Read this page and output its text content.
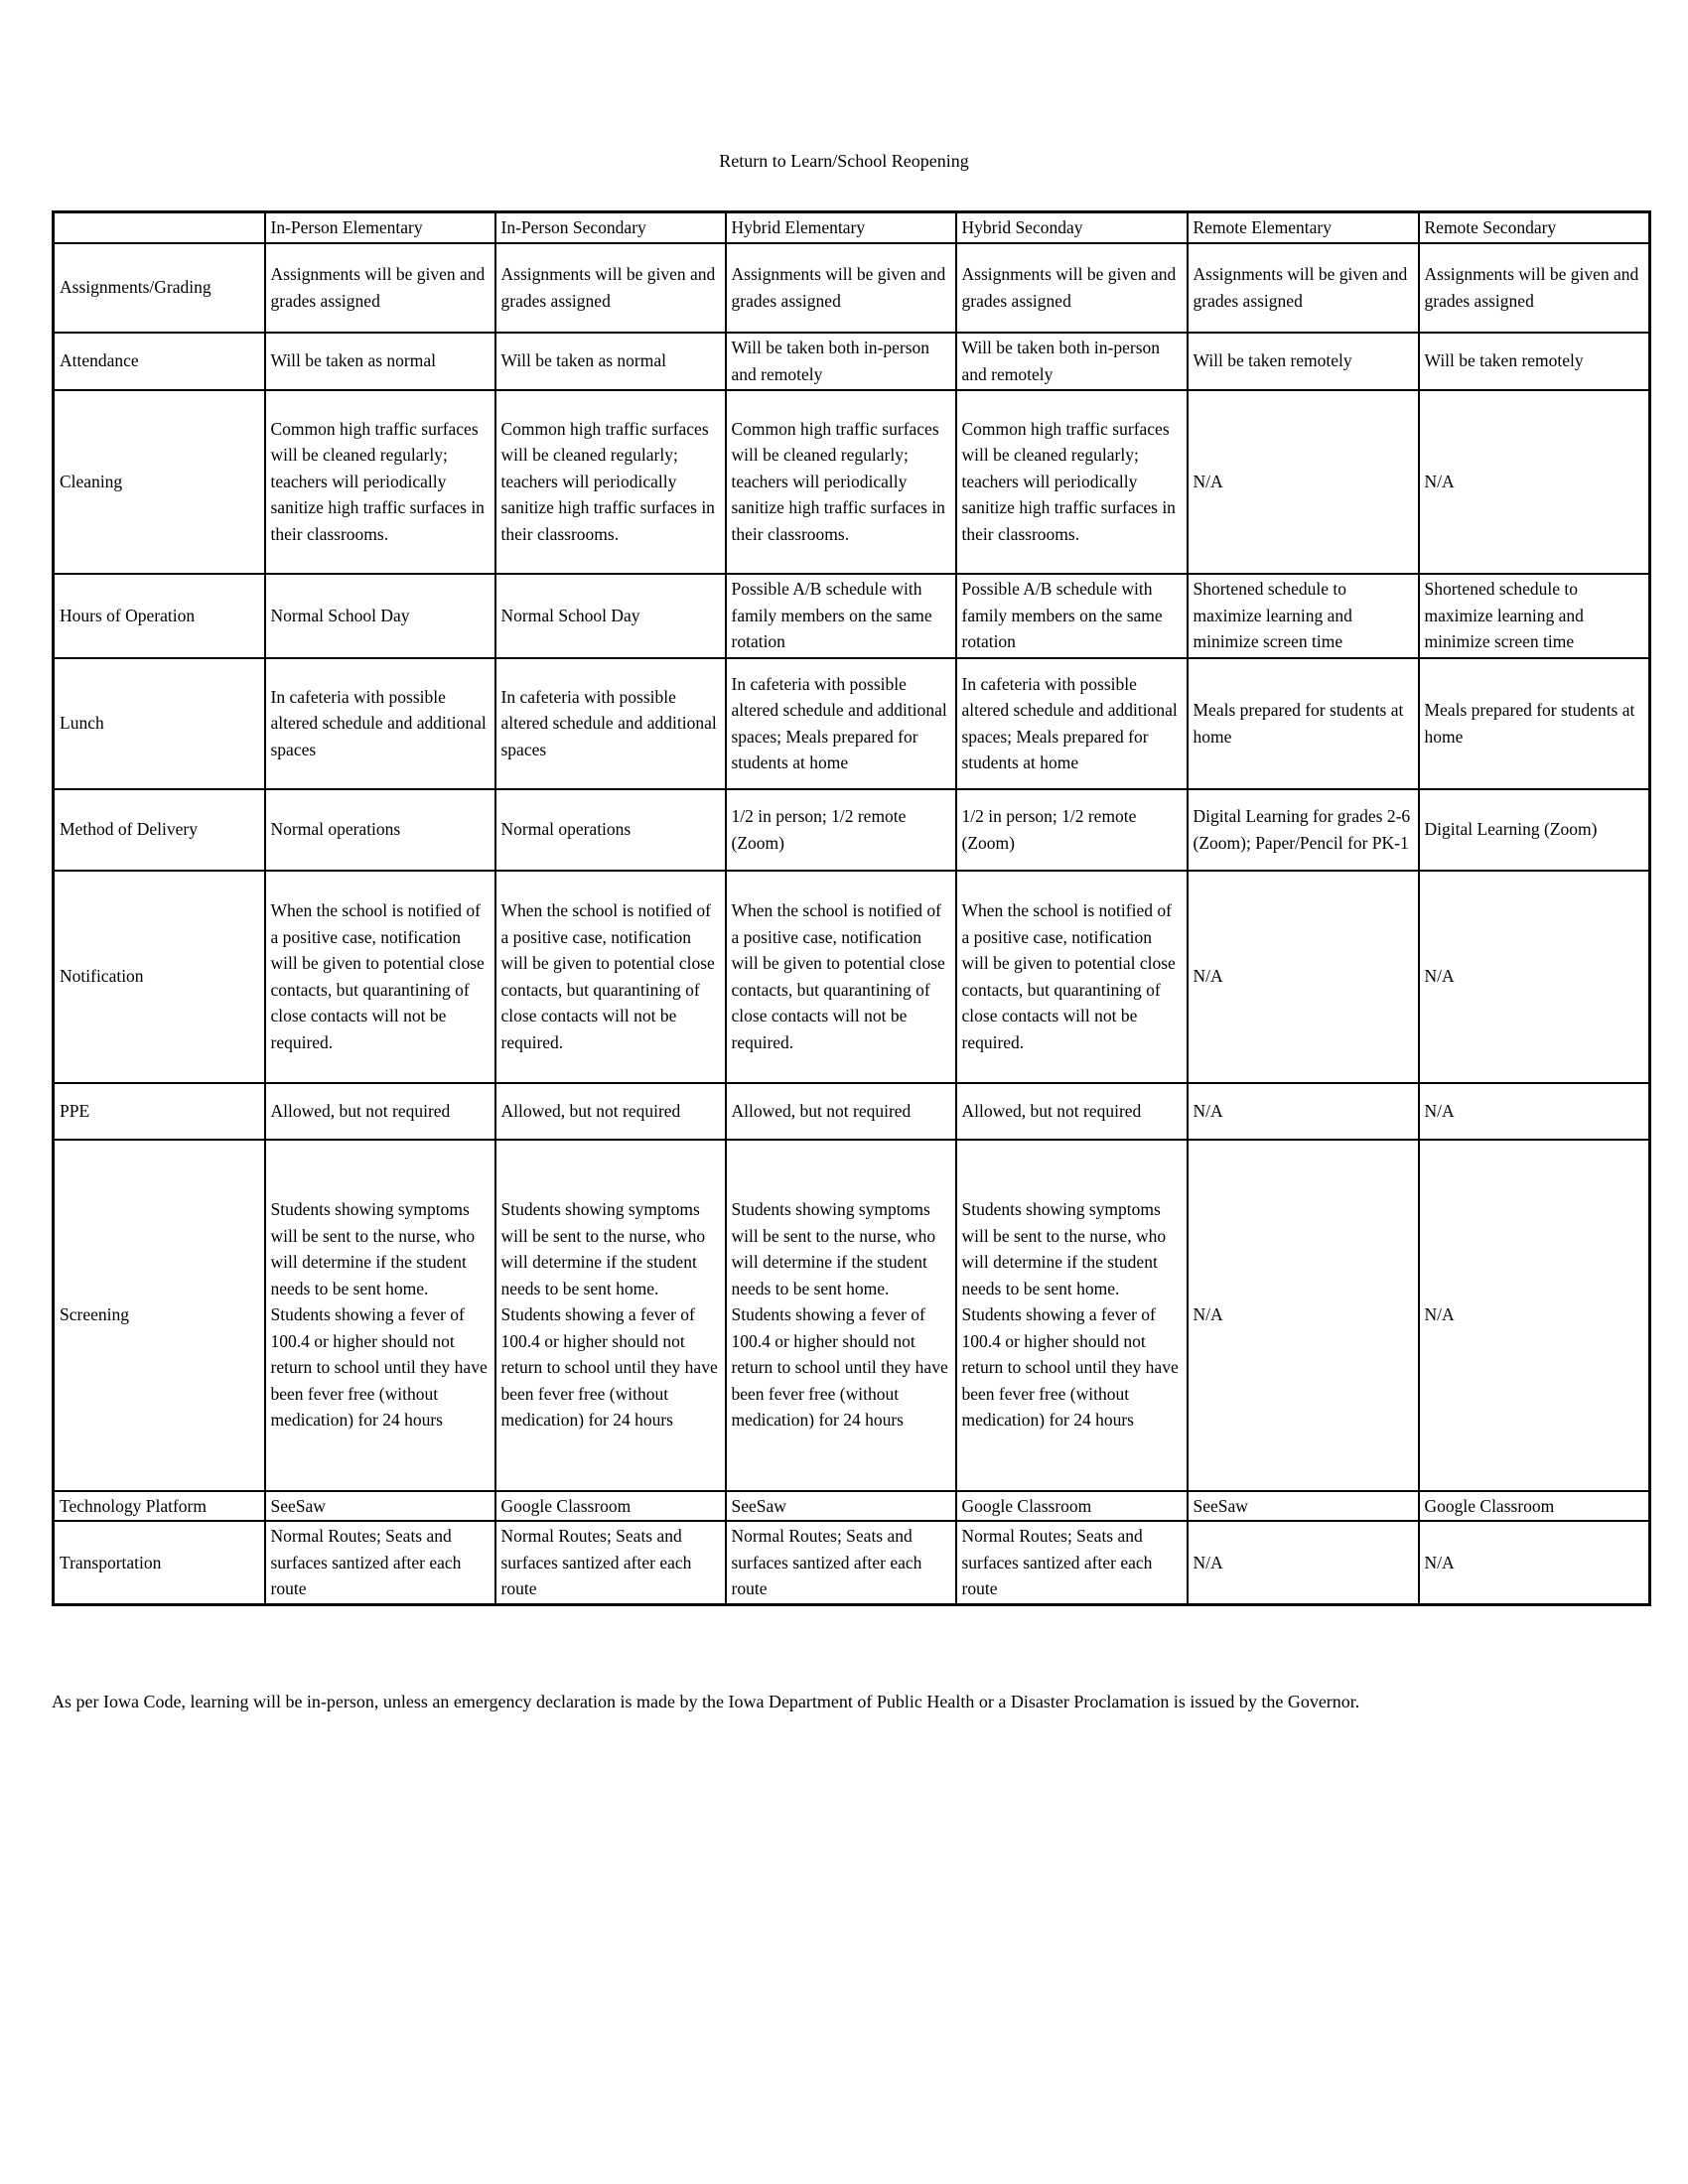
Return to Learn/School Reopening
	In-Person Elementary	In-Person Secondary	Hybrid Elementary	Hybrid Seconday	Remote Elementary	Remote Secondary
Assignments/Grading	Assignments will be given and grades assigned	Assignments will be given and grades assigned	Assignments will be given and grades assigned	Assignments will be given and grades assigned	Assignments will be given and grades assigned	Assignments will be given and grades assigned
Attendance	Will be taken as normal	Will be taken as normal	Will be taken both in-person and remotely	Will be taken both in-person and remotely	Will be taken remotely	Will be taken remotely
Cleaning	Common high traffic surfaces will be cleaned regularly; teachers will periodically sanitize high traffic surfaces in their classrooms.	Common high traffic surfaces will be cleaned regularly; teachers will periodically sanitize high traffic surfaces in their classrooms.	Common high traffic surfaces will be cleaned regularly; teachers will periodically sanitize high traffic surfaces in their classrooms.	Common high traffic surfaces will be cleaned regularly; teachers will periodically sanitize high traffic surfaces in their classrooms.	N/A	N/A
Hours of Operation	Normal School Day	Normal School Day	Possible A/B schedule with family members on the same rotation	Possible A/B schedule with family members on the same rotation	Shortened schedule to maximize learning and minimize screen time	Shortened schedule to maximize learning and minimize screen time
Lunch	In cafeteria with possible altered schedule and additional spaces	In cafeteria with possible altered schedule and additional spaces	In cafeteria with possible altered schedule and additional spaces; Meals prepared for students at home	In cafeteria with possible altered schedule and additional spaces; Meals prepared for students at home	Meals prepared for students at home	Meals prepared for students at home
Method of Delivery	Normal operations	Normal operations	1/2 in person; 1/2 remote (Zoom)	1/2 in person; 1/2 remote (Zoom)	Digital Learning for grades 2-6 (Zoom); Paper/Pencil for PK-1	Digital Learning (Zoom)
Notification	When the school is notified of a positive case, notification will be given to potential close contacts, but quarantining of close contacts will not be required.	When the school is notified of a positive case, notification will be given to potential close contacts, but quarantining of close contacts will not be required.	When the school is notified of a positive case, notification will be given to potential close contacts, but quarantining of close contacts will not be required.	When the school is notified of a positive case, notification will be given to potential close contacts, but quarantining of close contacts will not be required.	N/A	N/A
PPE	Allowed, but not required	Allowed, but not required	Allowed, but not required	Allowed, but not required	N/A	N/A
Screening	Students showing symptoms will be sent to the nurse, who will determine if the student needs to be sent home. Students showing a fever of 100.4 or higher should not return to school until they have been fever free (without medication) for 24 hours	Students showing symptoms will be sent to the nurse, who will determine if the student needs to be sent home. Students showing a fever of 100.4 or higher should not return to school until they have been fever free (without medication) for 24 hours	Students showing symptoms will be sent to the nurse, who will determine if the student needs to be sent home. Students showing a fever of 100.4 or higher should not return to school until they have been fever free (without medication) for 24 hours	Students showing symptoms will be sent to the nurse, who will determine if the student needs to be sent home. Students showing a fever of 100.4 or higher should not return to school until they have been fever free (without medication) for 24 hours	N/A	N/A
Technology Platform	SeeSaw	Google Classroom	SeeSaw	Google Classroom	SeeSaw	Google Classroom
Transportation	Normal Routes; Seats and surfaces santized after each route	Normal Routes; Seats and surfaces santized after each route	Normal Routes; Seats and surfaces santized after each route	Normal Routes; Seats and surfaces santized after each route	N/A	N/A

As per Iowa Code, learning will be in-person, unless an emergency declaration is made by the Iowa Department of Public Health or a Disaster Proclamation is issued by the Governor.
